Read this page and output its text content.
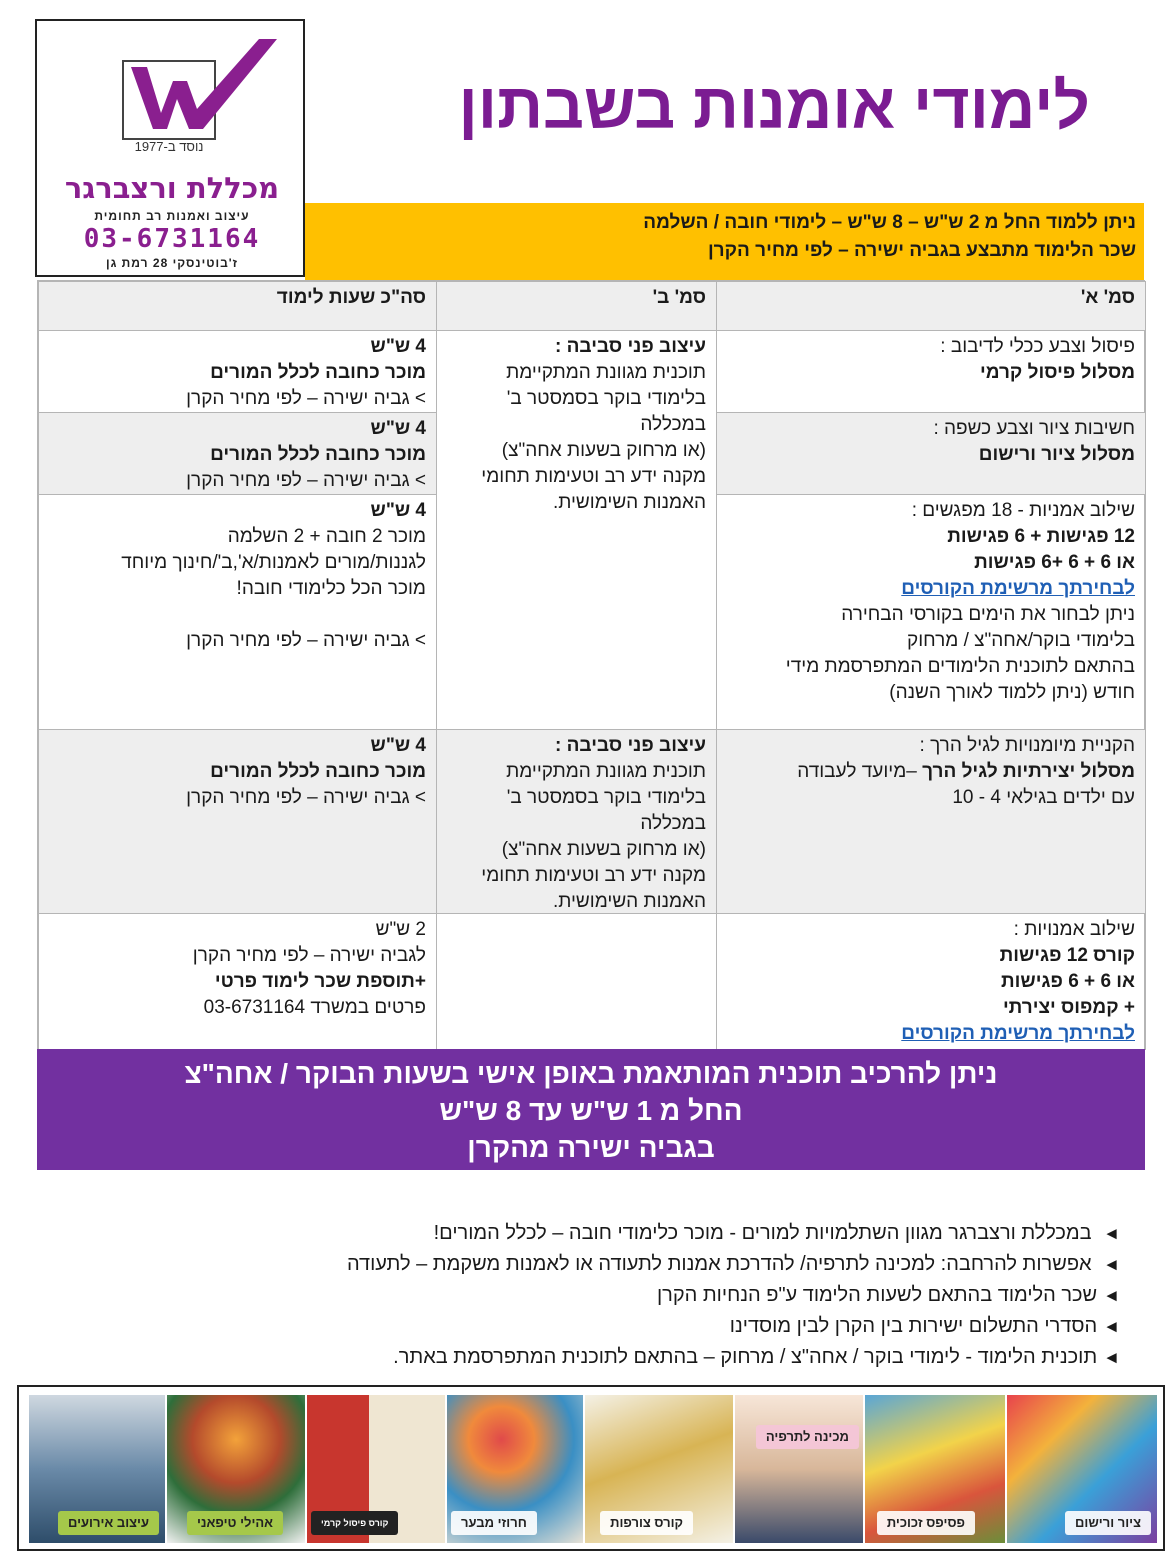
נוסד ב-1977
מכללת ורצברגר
עיצוב ואמנות רב תחומית
03-6731164
ז'בוטינסקי 28 רמת גן
לימודי אומנות בשבתון
ניתן ללמוד החל מ 2 ש"ש – 8 ש"ש – לימודי חובה / השלמה
שכר הלימוד מתבצע בגביה ישירה – לפי מחיר הקרן
סמ' א'
סמ' ב'
סה"כ שעות לימוד
פיסול וצבע ככלי לדיבוב :
מסלול פיסול קרמי
4 ש"ש
מוכר כחובה לכלל המורים
> גביה ישירה – לפי מחיר הקרן
חשיבות ציור וצבע כשפה :
מסלול ציור ורישום
4 ש"ש
מוכר כחובה לכלל המורים
> גביה ישירה – לפי מחיר הקרן
עיצוב פני סביבה :
תוכנית מגוונת המתקיימת
בלימודי בוקר בסמסטר ב'
במכללה
(או מרחוק בשעות אחה"צ)
מקנה ידע רב וטעימות תחומי
האמנות השימושית.	שילוב אמניות - 18 מפגשים :
12 פגישות + 6 פגישות
או 6 + 6 +6 פגישות
לבחירתך מרשימת הקורסים
ניתן לבחור את הימים בקורסי הבחירה
בלימודי בוקר/אחה"צ / מרחוק
בהתאם לתוכנית הלימודים המתפרסמת מידי
חודש (ניתן ללמוד לאורך השנה)
4 ש"ש
מוכר 2 חובה + 2 השלמה
לגננות/מורים לאמנות/א',ב'/חינוך מיוחד
מוכר הכל כלימודי חובה!
> גביה ישירה – לפי מחיר הקרן
הקניית מיומנויות לגיל הרך :
מסלול יצירתיות לגיל הרך –מיועד לעבודה
עם ילדים בגילאי 4 - 10
עיצוב פני סביבה :
תוכנית מגוונת המתקיימת
בלימודי בוקר בסמסטר ב'
במכללה
(או מרחוק בשעות אחה"צ)
מקנה ידע רב וטעימות תחומי
האמנות השימושית.
4 ש"ש
מוכר כחובה לכלל המורים
> גביה ישירה – לפי מחיר הקרן
שילוב אמנויות :
קורס 12 פגישות
או 6 + 6 פגישות
+ קמפוס יצירתי
לבחירתך מרשימת הקורסים
2 ש"ש
לגביה ישירה – לפי מחיר הקרן
+תוספת שכר לימוד פרטי
פרטים במשרד 03-6731164
ניתן להרכיב תוכנית המותאמת באופן אישי בשעות הבוקר / אחה"צ
החל מ 1 ש"ש עד 8 ש"ש
בגביה ישירה מהקרן
◄ במכללת ורצברגר מגוון השתלמויות למורים - מוכר כלימודי חובה – לכלל המורים!
◄ אפשרות להרחבה: למכינה לתרפיה/ להדרכת אמנות לתעודה או לאמנות משקמת – לתעודה
◄שכר הלימוד בהתאם לשעות הלימוד ע"פ הנחיות הקרן
◄הסדרי התשלום ישירות בין הקרן לבין מוסדינו
◄תוכנית הלימוד - לימודי בוקר / אחה"צ / מרחוק – בהתאם לתוכנית המתפרסמת באתר.
ציור ורישום
פסיפס זכוכית
מכינה לתרפיה
קורס צורפות
חרוזי מבער
קורס פיסול קרמי
אהילי טיפאני
עיצוב אירועים
